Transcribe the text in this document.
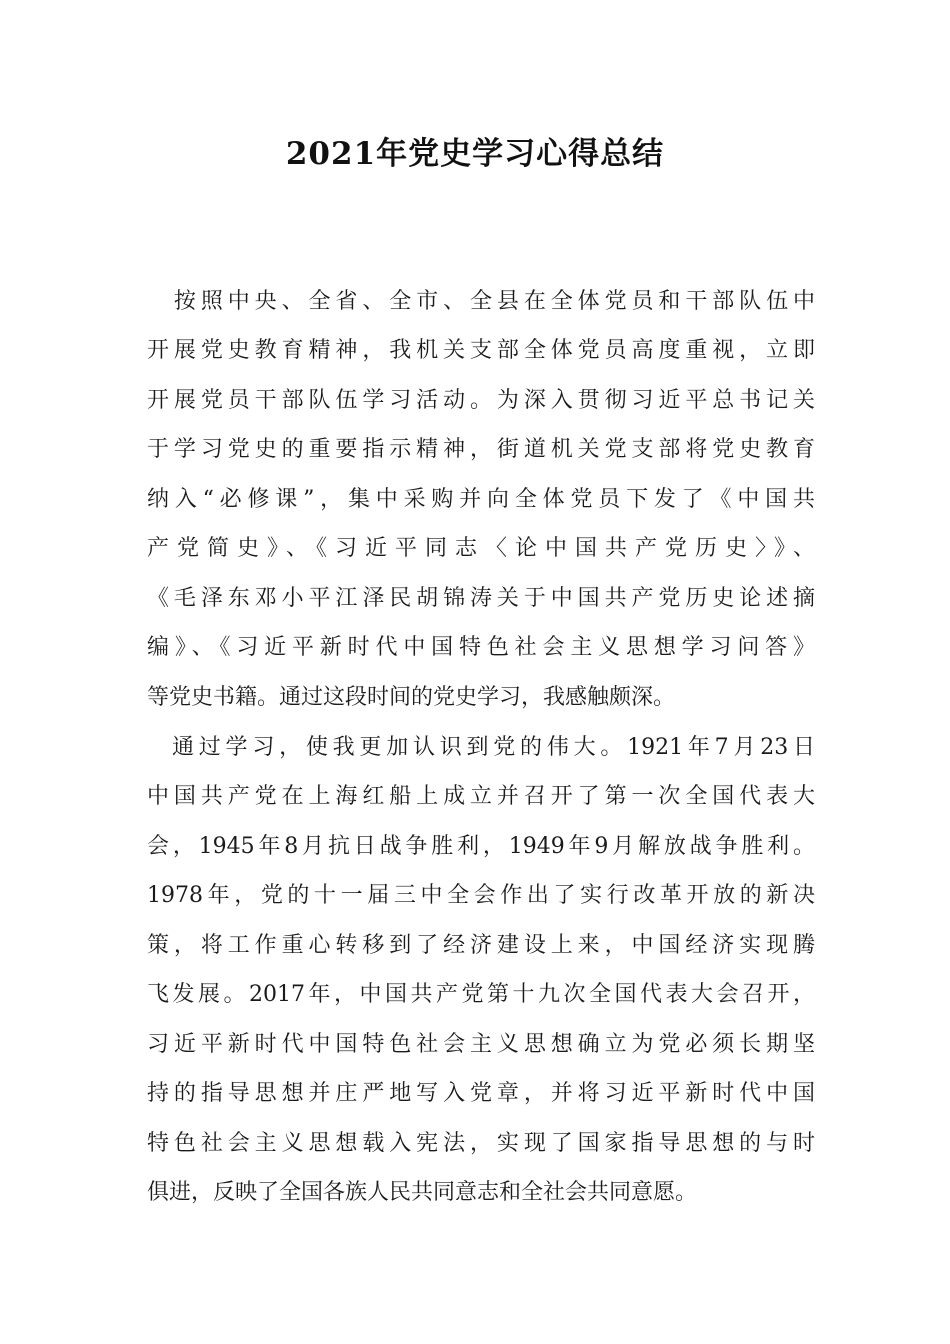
2021年党史学习心得总结

　按照中央、全省、全市、全县在全体党员和干部队伍中

开展党史教育精神，我机关支部全体党员高度重视，立即

开展党员干部队伍学习活动。为深入贯彻习近平总书记关

于学习党史的重要指示精神，街道机关党支部将党史教育

纳入“必修课”，集中采购并向全体党员下发了《中国共

产党简史》、《习近平同志〈论中国共产党历史〉》、

《毛泽东邓小平江泽民胡锦涛关于中国共产党历史论述摘

编》、《习近平新时代中国特色社会主义思想学习问答》

等党史书籍。通过这段时间的党史学习，我感触颇深。

通过学习，使我更加认识到党的伟大。1921年7月23日

中国共产党在上海红船上成立并召开了第一次全国代表大

会，1945年8月抗日战争胜利，1949年9月解放战争胜利。

1978年，党的十一届三中全会作出了实行改革开放的新决

策，将工作重心转移到了经济建设上来，中国经济实现腾

飞发展。2017年，中国共产党第十九次全国代表大会召开，

习近平新时代中国特色社会主义思想确立为党必须长期坚

持的指导思想并庄严地写入党章，并将习近平新时代中国

特色社会主义思想载入宪法，实现了国家指导思想的与时

俱进，反映了全国各族人民共同意志和全社会共同意愿。
